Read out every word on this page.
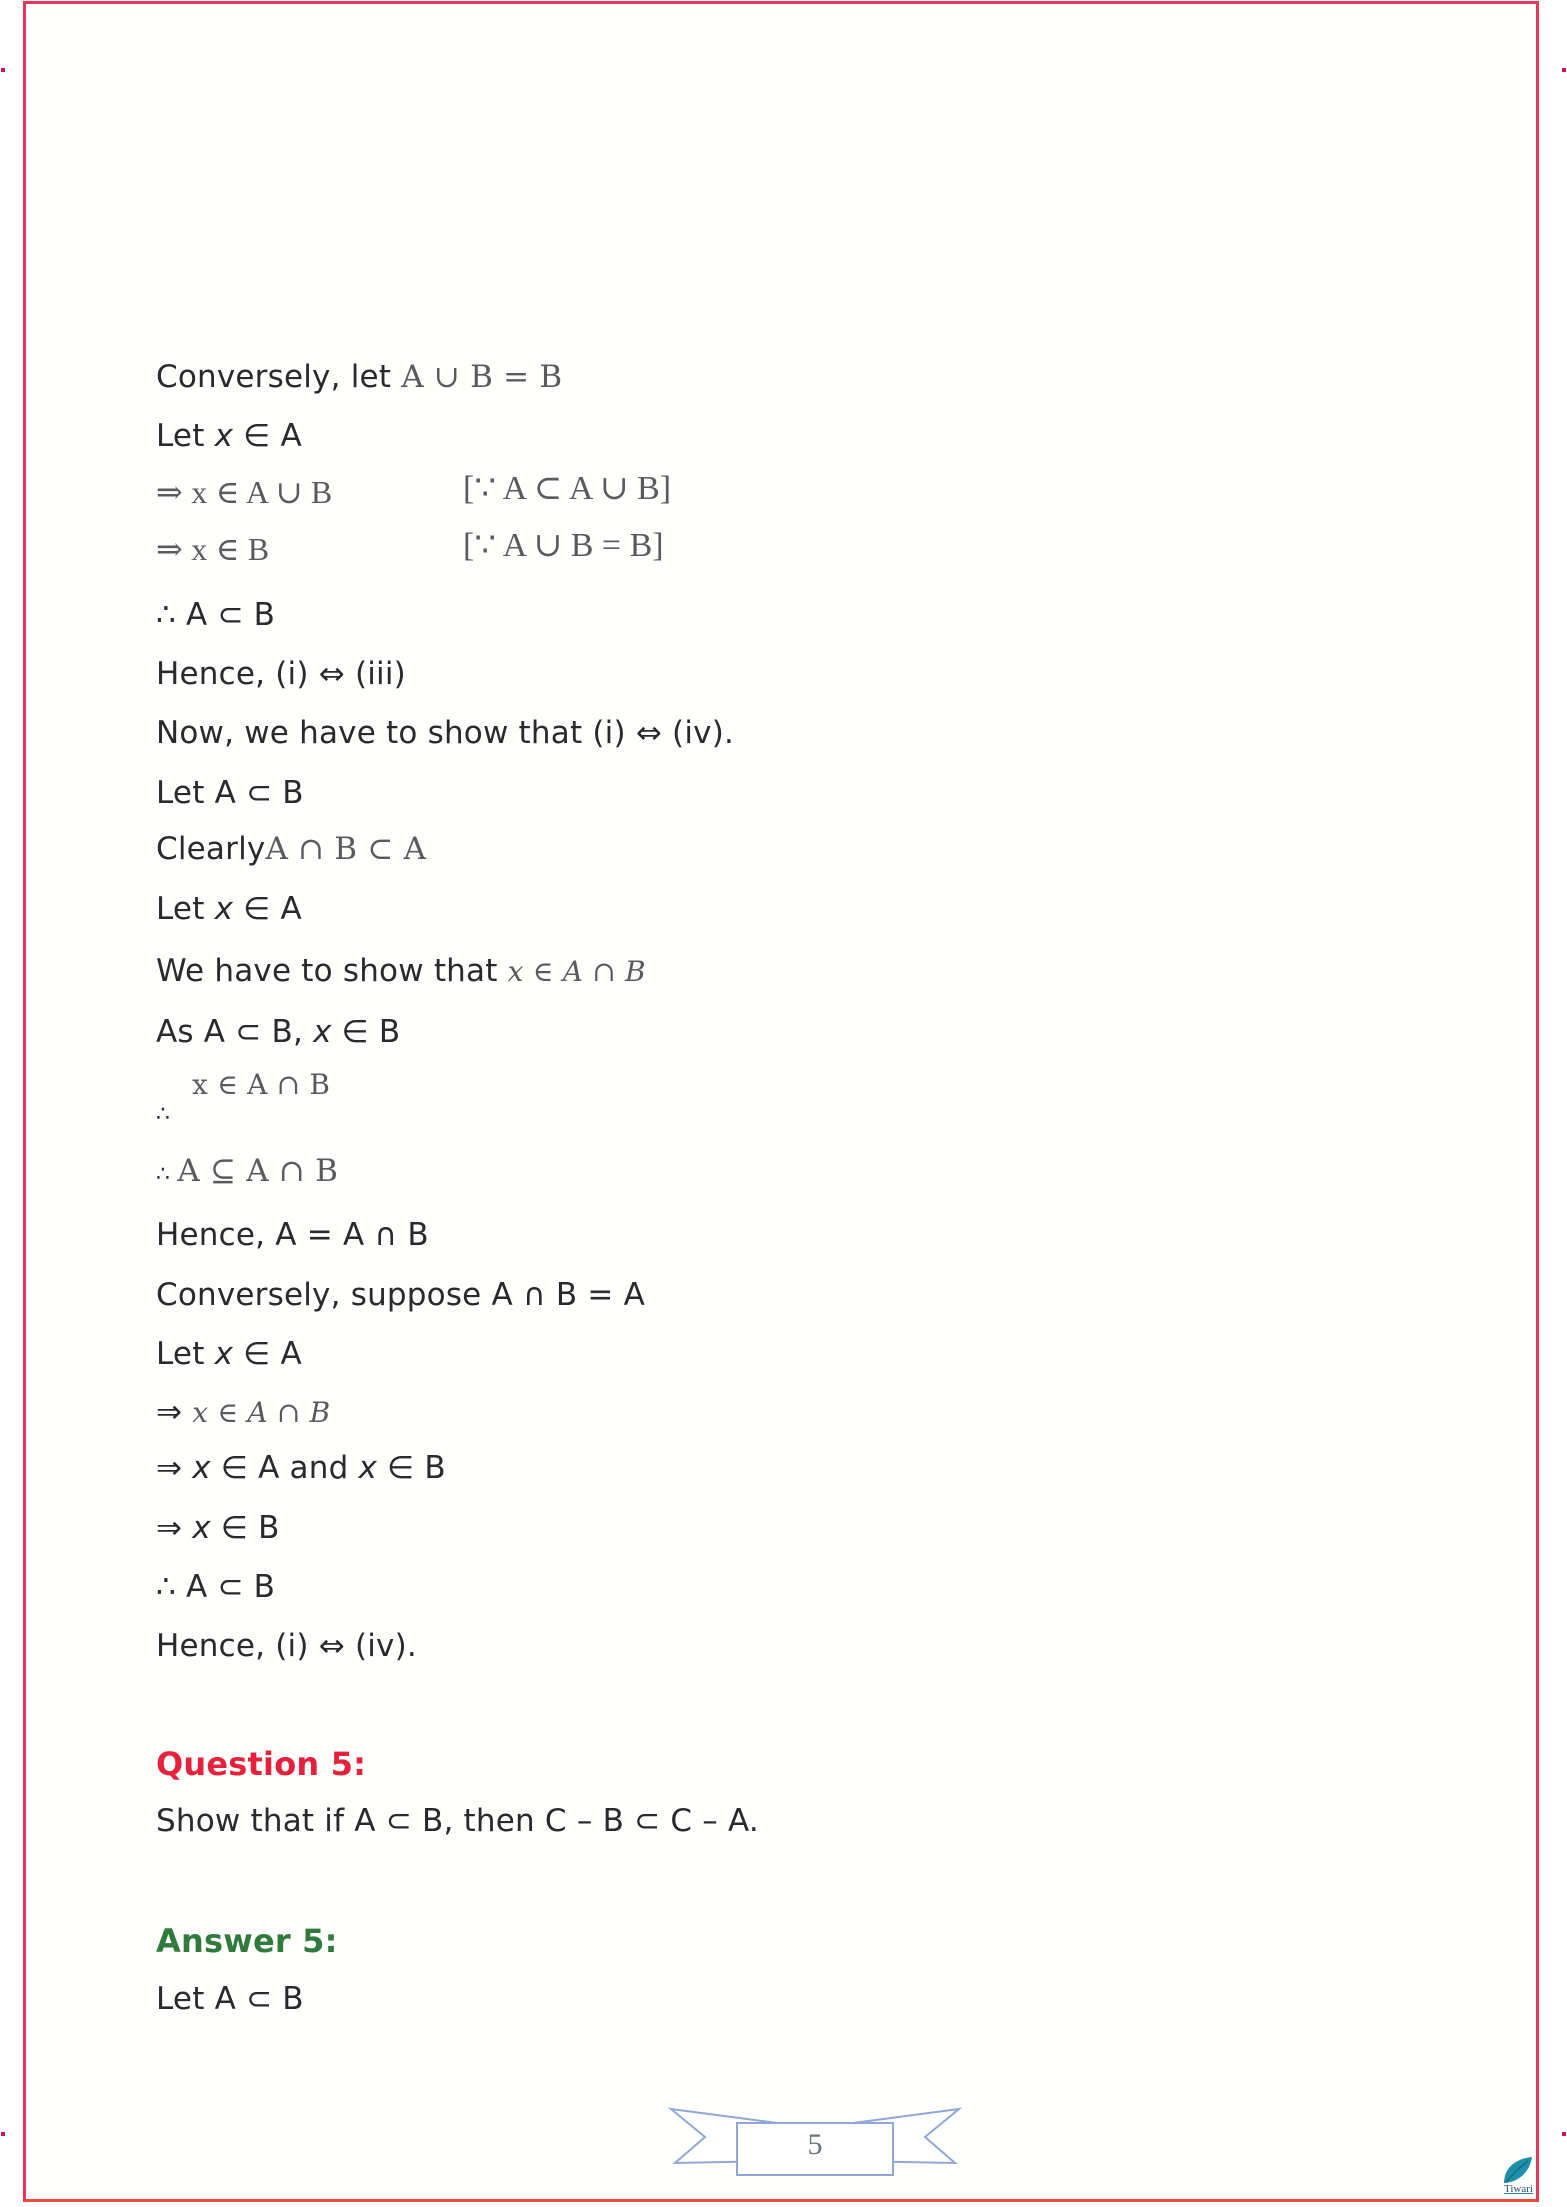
Conversely, let A ∪ B = B
Let x ∈ A
⇒ x ∈ A ∪ B	[∵ A ⊂ A ∪ B]
⇒ x ∈ B	[∵ A ∪ B = B]
∴ A ⊂ B
Hence, (i) ⇔ (iii)
Now, we have to show that (i) ⇔ (iv).
Let A ⊂ B
ClearlyA ∩ B ⊂ A
Let x ∈ A
We have to show that x ∈ A ∩ B
As A ⊂ B, x ∈ B
x ∈ A ∩ B
∴
∴ A ⊆ A ∩ B
Hence, A = A ∩ B
Conversely, suppose A ∩ B = A
Let x ∈ A
⇒ x ∈ A ∩ B
⇒ x ∈ A and x ∈ B
⇒ x ∈ B
∴ A ⊂ B
Hence, (i) ⇔ (iv).
Question 5:
Show that if A ⊂ B, then C – B ⊂ C – A.
Answer 5:
Let A ⊂ B
5
Tiwari
